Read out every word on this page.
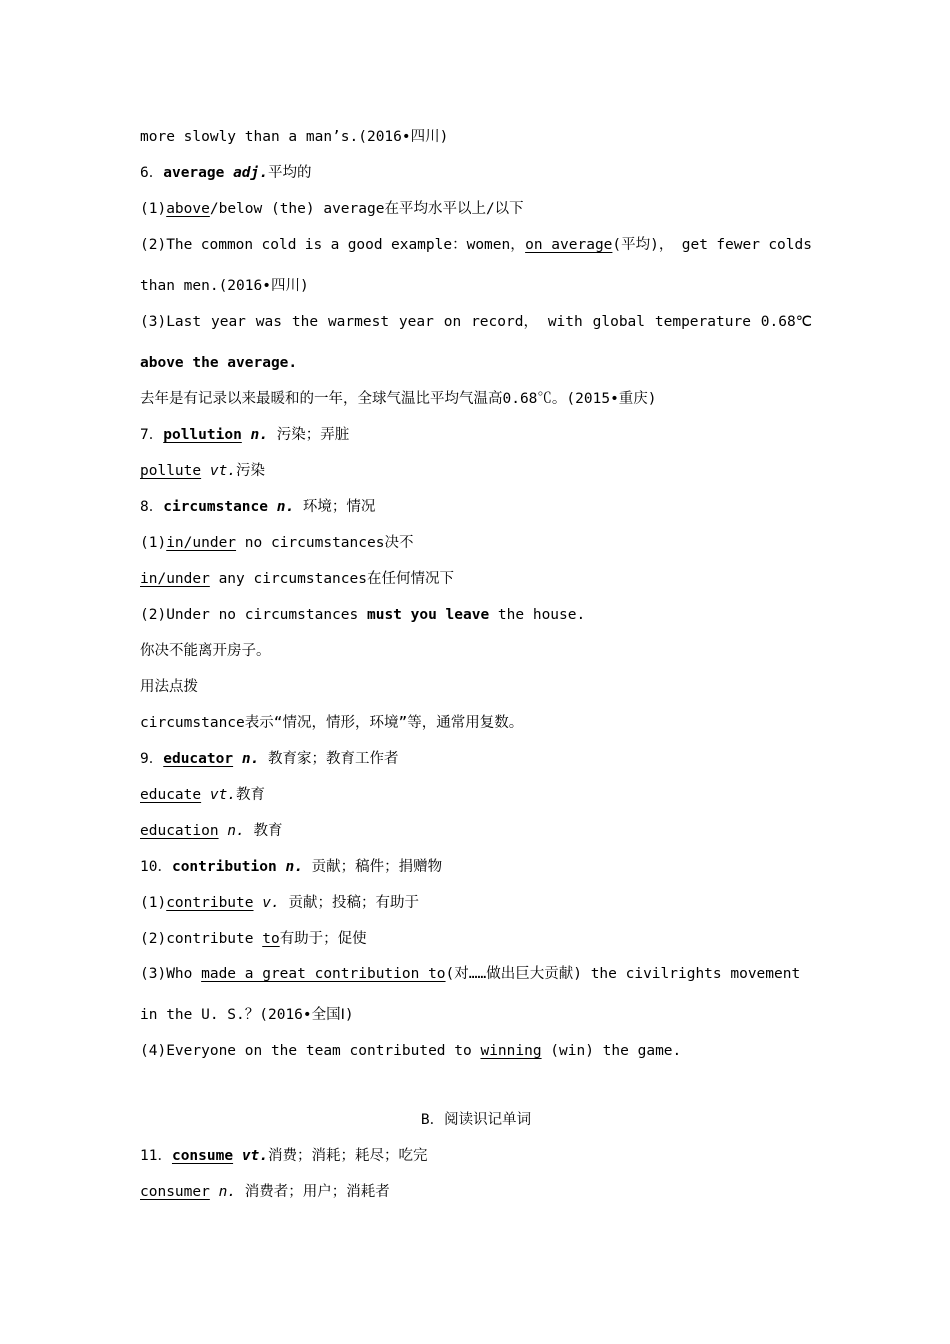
more slowly than a man’s.(2016•四川)
6．average adj.平均的
(1)above/below (the) average在平均水平以上/以下
(2)The common cold is a good example：women， on average(平均)， get fewer colds
than men.(2016•四川)
(3)Last year was the warmest year on record， with global temperature 0.68℃
above the average.
去年是有记录以来最暖和的一年，全球气温比平均气温高0.68℃。(2015•重庆)
7．pollution n. 污染；弄脏
pollute vt.污染
8．circumstance n. 环境；情况
(1)in/under no circumstances决不
in/under any circumstances在任何情况下
(2)Under no circumstances must you leave the house.
你决不能离开房子。
用法点拨
circumstance表示“情况，情形，环境”等，通常用复数。
9．educator n. 教育家；教育工作者
educate vt.教育
education n. 教育
10．contribution n. 贡献；稿件；捐赠物
(1)contribute v. 贡献；投稿；有助于
(2)contribute to有助于；促使
(3)Who made a great contribution to(对……做出巨大贡献) the civilrights movement
in the U. S.？(2016•全国Ⅰ)
(4)Everyone on the team contributed to winning (win) the game.
B．阅读识记单词
11．consume vt.消费；消耗；耗尽；吃完
consumer n. 消费者；用户；消耗者
